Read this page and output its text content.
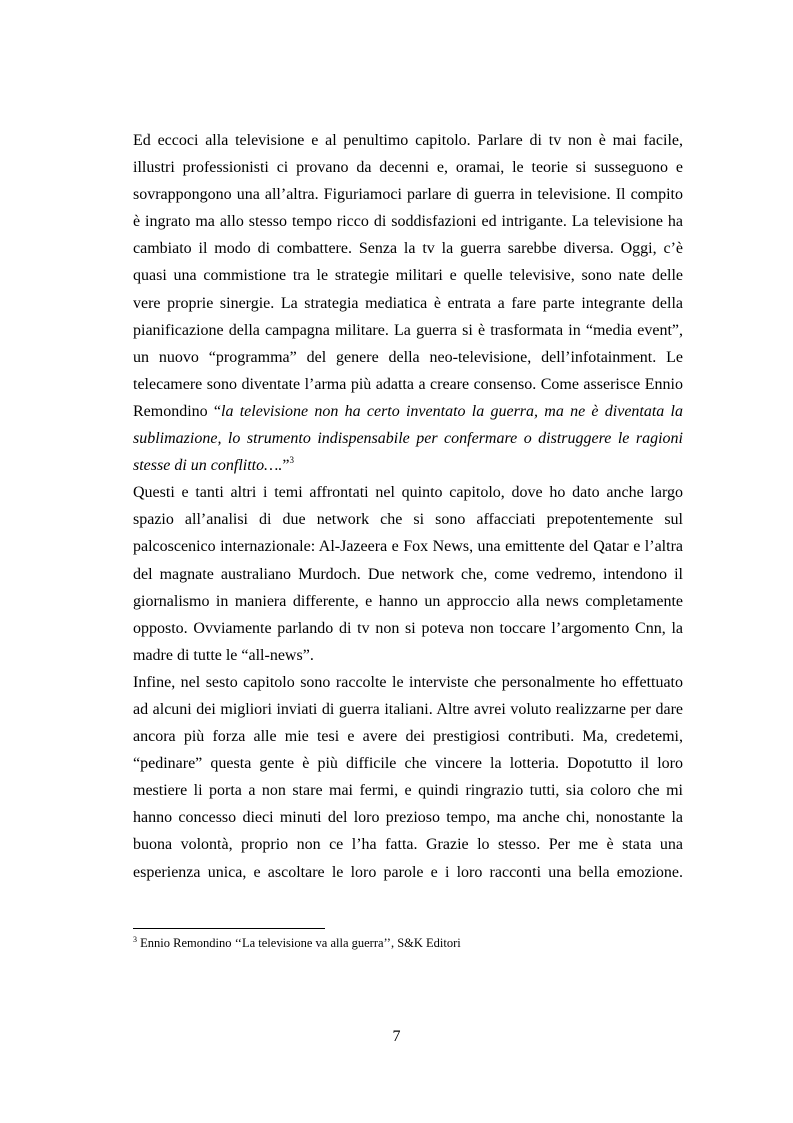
Ed eccoci alla televisione e al penultimo capitolo. Parlare di tv non è mai facile,
illustri professionisti ci provano da decenni e, oramai, le teorie si susseguono e
sovrappongono una all’altra. Figuriamoci parlare di guerra in televisione. Il compito
è ingrato ma allo stesso tempo ricco di soddisfazioni ed intrigante. La televisione ha
cambiato il modo di combattere. Senza la tv la guerra sarebbe diversa. Oggi, c’è
quasi una commistione tra le strategie militari e quelle televisive, sono nate delle
vere proprie sinergie. La strategia mediatica è entrata a fare parte integrante della
pianificazione della campagna militare. La guerra si è trasformata in “media event”,
un nuovo “programma” del genere della neo-televisione, dell’infotainment. Le
telecamere sono diventate l’arma più adatta a creare consenso. Come asserisce Ennio
Remondino “la televisione non ha certo inventato la guerra, ma ne è diventata la
sublimazione, lo strumento indispensabile per confermare o distruggere le ragioni
stesse di un conflitto….”$^3$

Questi e tanti altri i temi affrontati nel quinto capitolo, dove ho dato anche largo
spazio all’analisi di due network che si sono affacciati prepotentemente sul
palcoscenico internazionale: Al-Jazeera e Fox News, una emittente del Qatar e l’altra
del magnate australiano Murdoch. Due network che, come vedremo, intendono il
giornalismo in maniera differente, e hanno un approccio alla news completamente
opposto. Ovviamente parlando di tv non si poteva non toccare l’argomento Cnn, la
madre di tutte le “all-news”.

Infine, nel sesto capitolo sono raccolte le interviste che personalmente ho effettuato
ad alcuni dei migliori inviati di guerra italiani. Altre avrei voluto realizzarne per dare
ancora più forza alle mie tesi e avere dei prestigiosi contributi. Ma, credetemi,
“pedinare” questa gente è più difficile che vincere la lotteria. Dopotutto il loro
mestiere li porta a non stare mai fermi, e quindi ringrazio tutti, sia coloro che mi
hanno concesso dieci minuti del loro prezioso tempo, ma anche chi, nonostante la
buona volontà, proprio non ce l’ha fatta. Grazie lo stesso. Per me è stata una
esperienza unica, e ascoltare le loro parole e i loro racconti una bella emozione.

$^3$ Ennio Remondino ‘‘La televisione va alla guerra’’, S&K Editori
7
